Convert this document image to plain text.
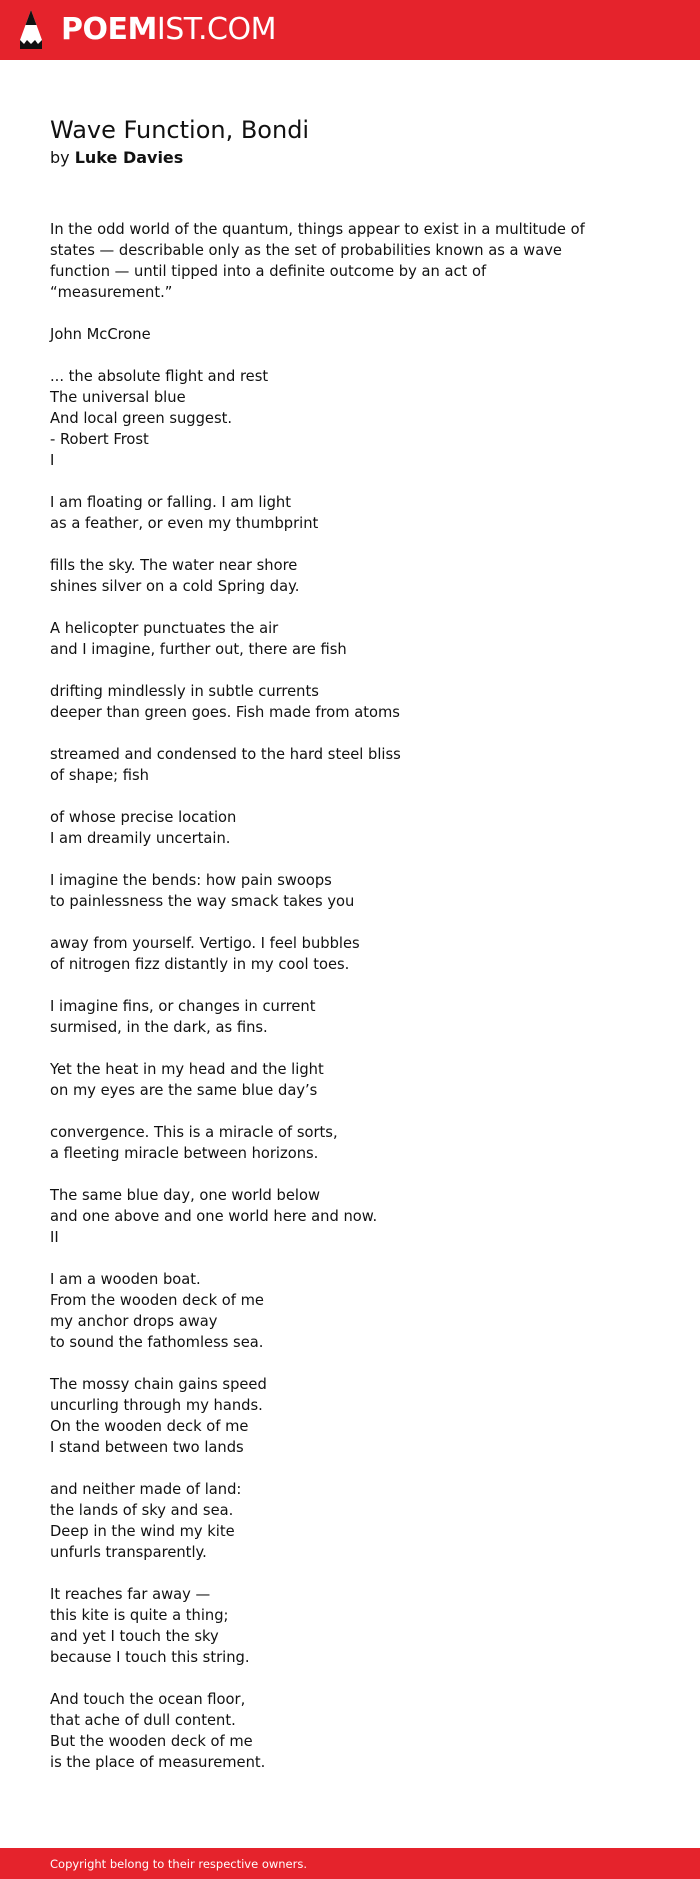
POEMIST.COM
Wave Function, Bondi
by Luke Davies
In the odd world of the quantum, things appear to exist in a multitude of
states — describable only as the set of probabilities known as a wave
function — until tipped into a definite outcome by an act of
“measurement.”
John McCrone
... the absolute flight and rest
The universal blue
And local green suggest.
- Robert Frost
I
I am floating or falling. I am light
as a feather, or even my thumbprint
fills the sky. The water near shore
shines silver on a cold Spring day.
A helicopter punctuates the air
and I imagine, further out, there are fish
drifting mindlessly in subtle currents
deeper than green goes. Fish made from atoms
streamed and condensed to the hard steel bliss
of shape; fish
of whose precise location
I am dreamily uncertain.
I imagine the bends: how pain swoops
to painlessness the way smack takes you
away from yourself. Vertigo. I feel bubbles
of nitrogen fizz distantly in my cool toes.
I imagine fins, or changes in current
surmised, in the dark, as fins.
Yet the heat in my head and the light
on my eyes are the same blue day’s
convergence. This is a miracle of sorts,
a fleeting miracle between horizons.
The same blue day, one world below
and one above and one world here and now.
II
I am a wooden boat.
From the wooden deck of me
my anchor drops away
to sound the fathomless sea.
The mossy chain gains speed
uncurling through my hands.
On the wooden deck of me
I stand between two lands
and neither made of land:
the lands of sky and sea.
Deep in the wind my kite
unfurls transparently.
It reaches far away —
this kite is quite a thing;
and yet I touch the sky
because I touch this string.
And touch the ocean floor,
that ache of dull content.
But the wooden deck of me
is the place of measurement.
Copyright belong to their respective owners.
